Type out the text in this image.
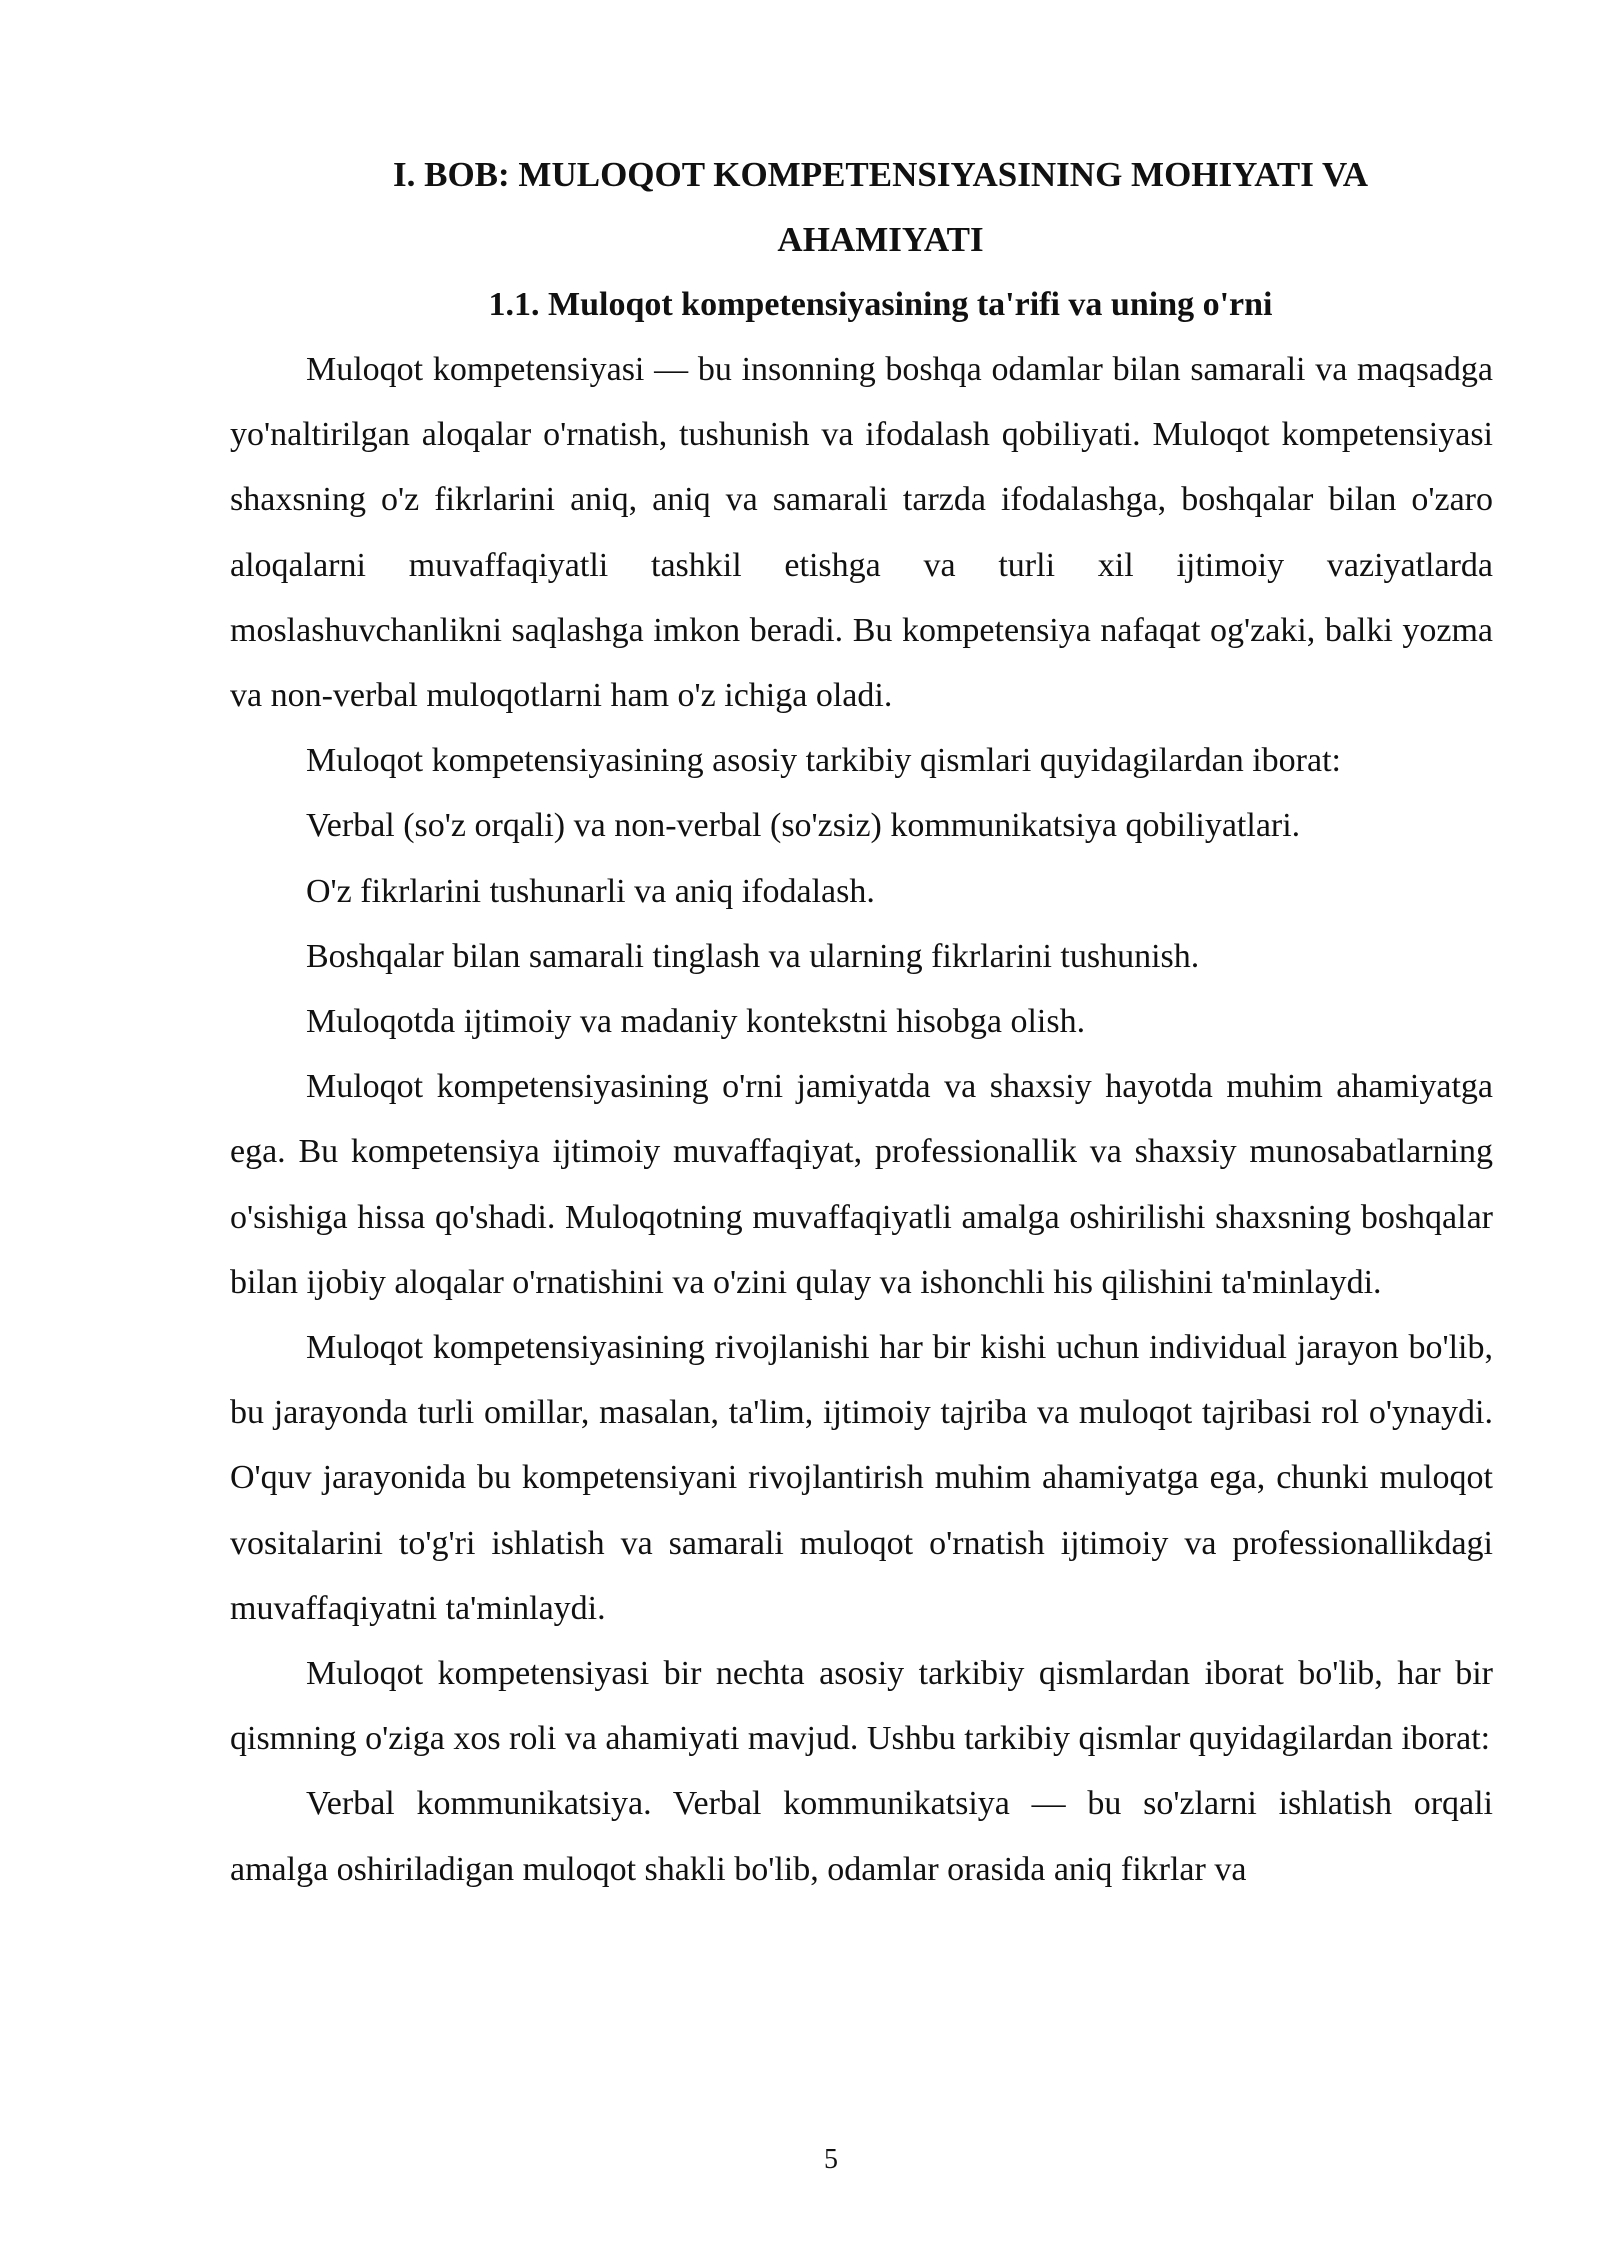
I. BOB: MULOQOT KOMPETENSIYASINING MOHIYATI VA

AHAMIYATI

1.1. Muloqot kompetensiyasining ta'rifi va uning o'rni

Muloqot kompetensiyasi — bu insonning boshqa odamlar bilan samarali va maqsadga yo'naltirilgan aloqalar o'rnatish, tushunish va ifodalash qobiliyati. Muloqot kompetensiyasi shaxsning o'z fikrlarini aniq, aniq va samarali tarzda ifodalashga, boshqalar bilan o'zaro aloqalarni muvaffaqiyatli tashkil etishga va turli xil ijtimoiy vaziyatlarda moslashuvchanlikni saqlashga imkon beradi. Bu kompetensiya nafaqat og'zaki, balki yozma va non-verbal muloqotlarni ham o'z ichiga oladi.

Muloqot kompetensiyasining asosiy tarkibiy qismlari quyidagilardan iborat:

Verbal (so'z orqali) va non-verbal (so'zsiz) kommunikatsiya qobiliyatlari.

O'z fikrlarini tushunarli va aniq ifodalash.

Boshqalar bilan samarali tinglash va ularning fikrlarini tushunish.

Muloqotda ijtimoiy va madaniy kontekstni hisobga olish.

Muloqot kompetensiyasining o'rni jamiyatda va shaxsiy hayotda muhim ahamiyatga ega. Bu kompetensiya ijtimoiy muvaffaqiyat, professionallik va shaxsiy munosabatlarning o'sishiga hissa qo'shadi. Muloqotning muvaffaqiyatli amalga oshirilishi shaxsning boshqalar bilan ijobiy aloqalar o'rnatishini va o'zini qulay va ishonchli his qilishini ta'minlaydi.

Muloqot kompetensiyasining rivojlanishi har bir kishi uchun individual jarayon bo'lib, bu jarayonda turli omillar, masalan, ta'lim, ijtimoiy tajriba va muloqot tajribasi rol o'ynaydi. O'quv jarayonida bu kompetensiyani rivojlantirish muhim ahamiyatga ega, chunki muloqot vositalarini to'g'ri ishlatish va samarali muloqot o'rnatish ijtimoiy va professionallikdagi muvaffaqiyatni ta'minlaydi.

Muloqot kompetensiyasi bir nechta asosiy tarkibiy qismlardan iborat bo'lib, har bir qismning o'ziga xos roli va ahamiyati mavjud. Ushbu tarkibiy qismlar quyidagilardan iborat:

Verbal kommunikatsiya. Verbal kommunikatsiya — bu so'zlarni ishlatish orqali amalga oshiriladigan muloqot shakli bo'lib, odamlar orasida aniq fikrlar va

5
